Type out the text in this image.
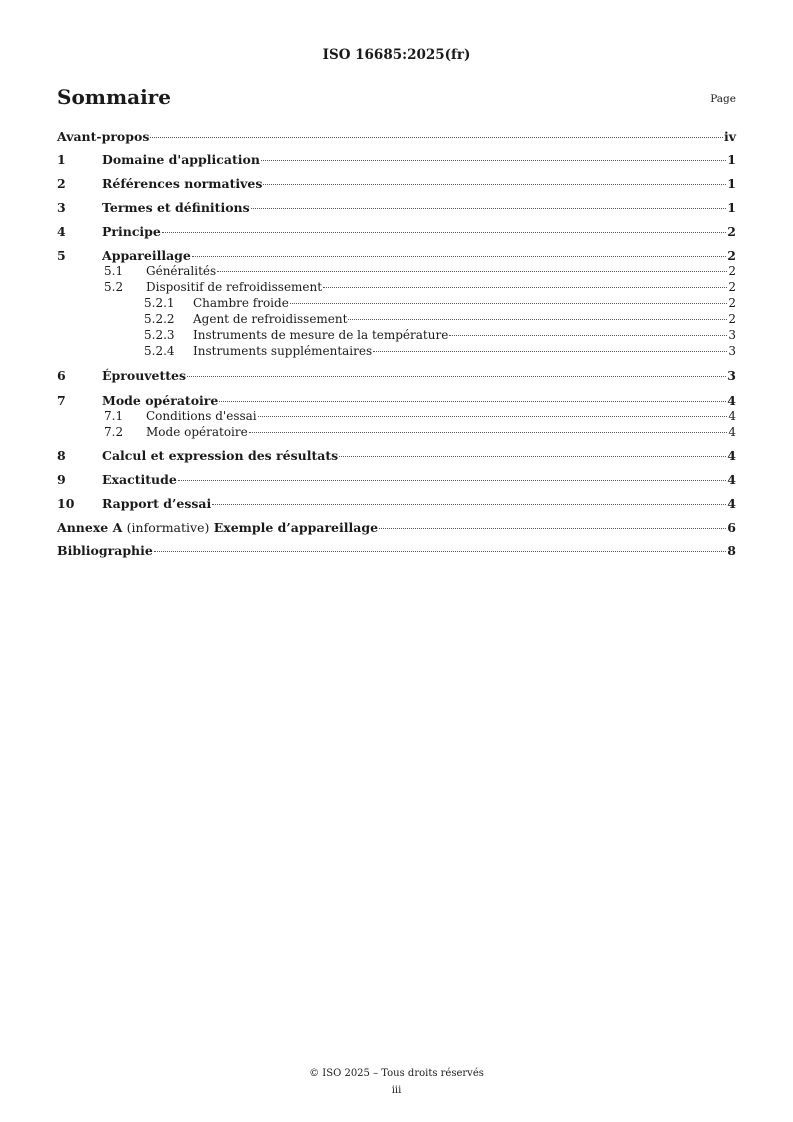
ISO 16685:2025(fr)
Sommaire	Page
Avant-propos	iv
1	Domaine d'application	1
2	Références normatives	1
3	Termes et définitions	1
4	Principe	2
5	Appareillage	2
5.1	Généralités	2
5.2	Dispositif de refroidissement	2
5.2.1	Chambre froide	2
5.2.2	Agent de refroidissement	2
5.2.3	Instruments de mesure de la température	3
5.2.4	Instruments supplémentaires	3
6	Éprouvettes	3
7	Mode opératoire	4
7.1	Conditions d'essai	4
7.2	Mode opératoire	4
8	Calcul et expression des résultats	4
9	Exactitude	4
10	Rapport d’essai	4
Annexe A (informative) Exemple d’appareillage	6
Bibliographie	8
© ISO 2025 – Tous droits réservés
iii
